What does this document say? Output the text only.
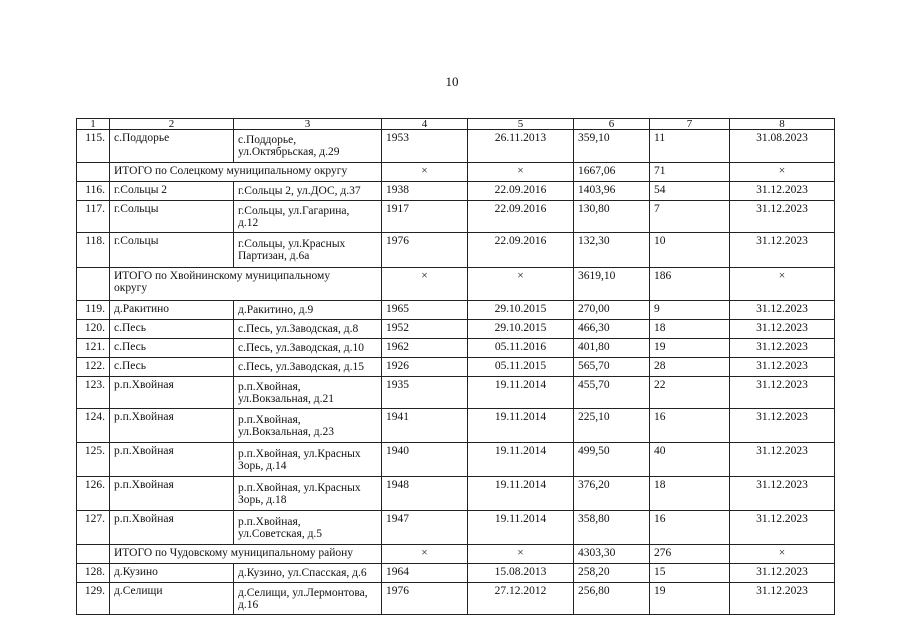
10
1	2	3	4	5	6	7	8
115.	с.Поддорье	с.Поддорье,
ул.Октябрьская, д.29	1953	26.11.2013	359,10	11	31.08.2023
	ИТОГО по Солецкому муниципальному округу		×	×	1667,06	71	×
116.	г.Сольцы 2	г.Сольцы 2, ул.ДОС, д.37	1938	22.09.2016	1403,96	54	31.12.2023
117.	г.Сольцы	г.Сольцы, ул.Гагарина,
д.12	1917	22.09.2016	130,80	7	31.12.2023
118.	г.Сольцы	г.Сольцы, ул.Красных
Партизан, д.6а	1976	22.09.2016	132,30	10	31.12.2023
	ИТОГО по Хвойнинскому муниципальному
округу		×	×	3619,10	186	×
119.	д.Ракитино	д.Ракитино, д.9	1965	29.10.2015	270,00	9	31.12.2023
120.	с.Песь	с.Песь, ул.Заводская, д.8	1952	29.10.2015	466,30	18	31.12.2023
121.	с.Песь	с.Песь, ул.Заводская, д.10	1962	05.11.2016	401,80	19	31.12.2023
122.	с.Песь	с.Песь, ул.Заводская, д.15	1926	05.11.2015	565,70	28	31.12.2023
123.	р.п.Хвойная	р.п.Хвойная,
ул.Вокзальная, д.21	1935	19.11.2014	455,70	22	31.12.2023
124.	р.п.Хвойная	р.п.Хвойная,
ул.Вокзальная, д.23	1941	19.11.2014	225,10	16	31.12.2023
125.	р.п.Хвойная	р.п.Хвойная, ул.Красных
Зорь, д.14	1940	19.11.2014	499,50	40	31.12.2023
126.	р.п.Хвойная	р.п.Хвойная, ул.Красных
Зорь, д.18	1948	19.11.2014	376,20	18	31.12.2023
127.	р.п.Хвойная	р.п.Хвойная,
ул.Советская, д.5	1947	19.11.2014	358,80	16	31.12.2023
	ИТОГО по Чудовскому муниципальному району		×	×	4303,30	276	×
128.	д.Кузино	д.Кузино, ул.Спасская, д.6	1964	15.08.2013	258,20	15	31.12.2023
129.	д.Селищи	д.Селищи, ул.Лермонтова,
д.16	1976	27.12.2012	256,80	19	31.12.2023
